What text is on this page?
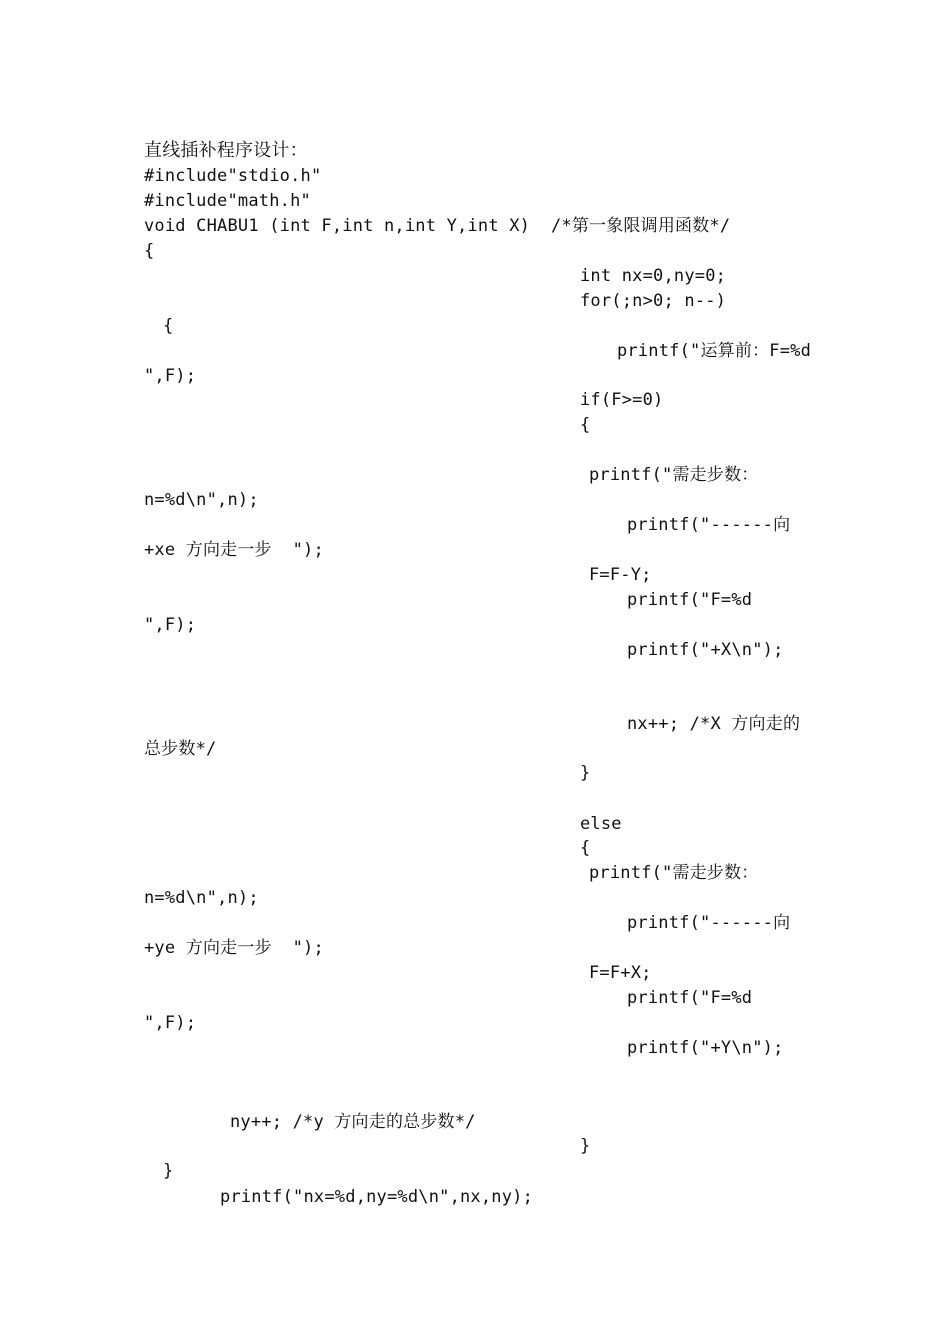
直线插补程序设计：
#include"stdio.h"
#include"math.h"
void CHABU1 (int F,int n,int Y,int X)  /*第一象限调用函数*/
{
int nx=0,ny=0;
for(;n>0; n--)
{
printf("运算前：F=%d
",F);
if(F>=0)
{
printf("需走步数：
n=%d\n",n);
printf("------向
+xe 方向走一步  ");
F=F-Y;
printf("F=%d
",F);
printf("+X\n");
nx++; /*X 方向走的
总步数*/
}
else
{
printf("需走步数：
n=%d\n",n);
printf("------向
+ye 方向走一步  ");
F=F+X;
printf("F=%d
",F);
printf("+Y\n");
ny++; /*y 方向走的总步数*/
}
}
printf("nx=%d,ny=%d\n",nx,ny);
